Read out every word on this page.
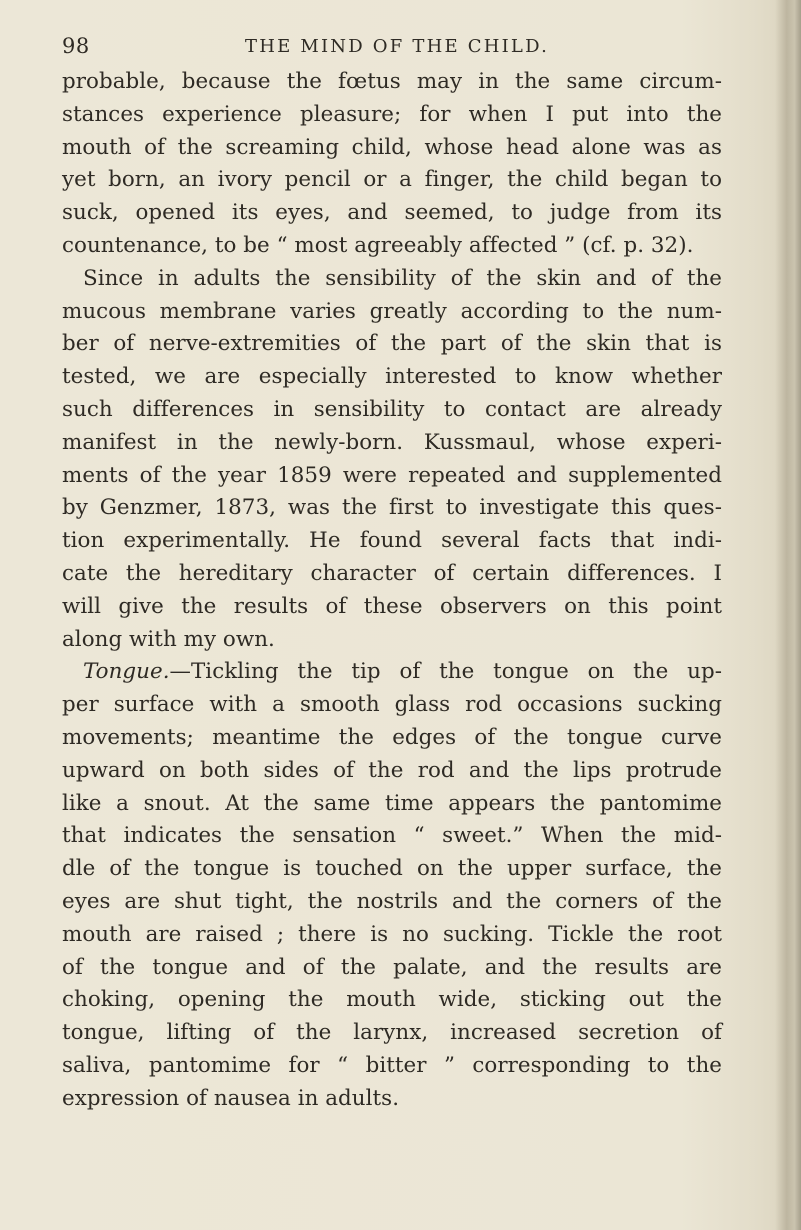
98	THE MIND OF THE CHILD.
probable, because the fœtus may in the same circum-
stances experience pleasure; for when I put into the
mouth of the screaming child, whose head alone was as
yet born, an ivory pencil or a finger, the child began to
suck, opened its eyes, and seemed, to judge from its
countenance, to be “ most agreeably affected ” (cf. p. 32).
Since in adults the sensibility of the skin and of the
mucous membrane varies greatly according to the num-
ber of nerve-extremities of the part of the skin that is
tested, we are especially interested to know whether
such differences in sensibility to contact are already
manifest in the newly-born. Kussmaul, whose experi-
ments of the year 1859 were repeated and supplemented
by Genzmer, 1873, was the first to investigate this ques-
tion experimentally. He found several facts that indi-
cate the hereditary character of certain differences. I
will give the results of these observers on this point
along with my own.
Tongue.—Tickling the tip of the tongue on the up-
per surface with a smooth glass rod occasions sucking
movements; meantime the edges of the tongue curve
upward on both sides of the rod and the lips protrude
like a snout. At the same time appears the pantomime
that indicates the sensation “ sweet.” When the mid-
dle of the tongue is touched on the upper surface, the
eyes are shut tight, the nostrils and the corners of the
mouth are raised ; there is no sucking. Tickle the root
of the tongue and of the palate, and the results are
choking, opening the mouth wide, sticking out the
tongue, lifting of the larynx, increased secretion of
saliva, pantomime for “ bitter ” corresponding to the
expression of nausea in adults.
